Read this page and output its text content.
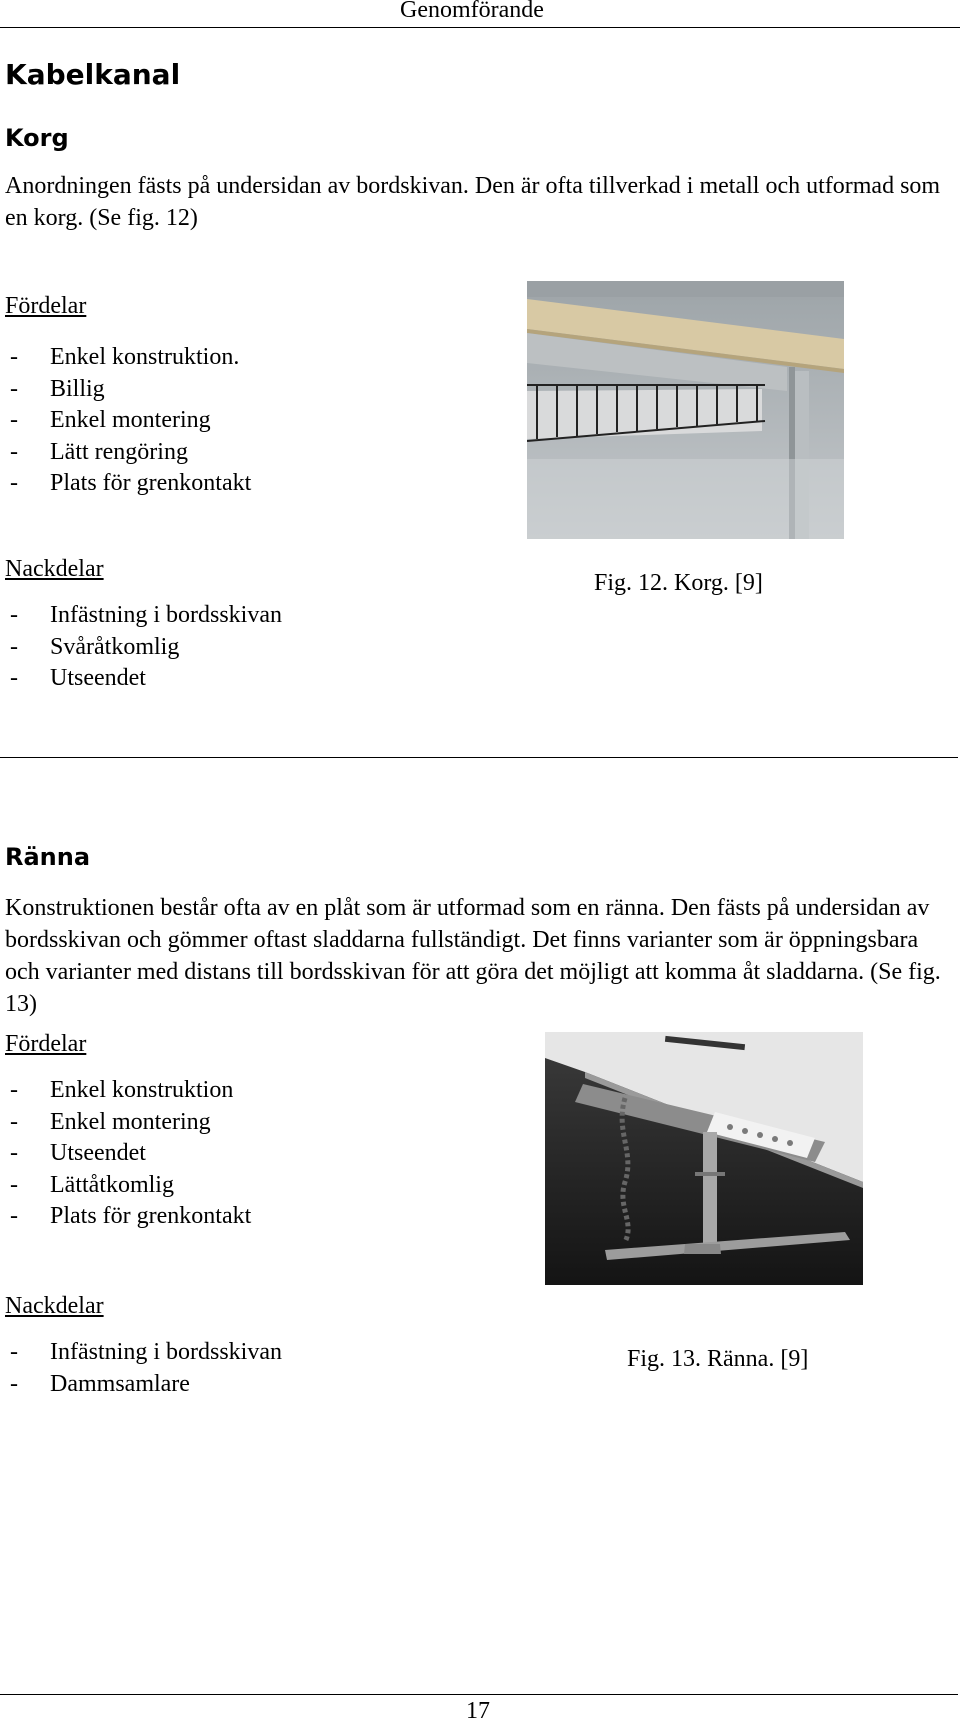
Genomförande
Kabelkanal
Korg
Anordningen fästs på undersidan av bordskivan. Den är ofta tillverkad i metall och utformad som en korg. (Se fig. 12)
Fördelar
- Enkel konstruktion.
- Billig
- Enkel montering
- Lätt rengöring
- Plats för grenkontakt
Nackdelar
- Infästning i bordsskivan
- Svåråtkomlig
- Utseendet
Fig. 12. Korg. [9]
Ränna
Konstruktionen består ofta av en plåt som är utformad som en ränna. Den fästs på undersidan av bordsskivan och gömmer oftast sladdarna fullständigt. Det finns varianter som är öppningsbara och varianter med distans till bordsskivan för att göra det möjligt att komma åt sladdarna. (Se fig. 13)
Fördelar
- Enkel konstruktion
- Enkel montering
- Utseendet
- Lättåtkomlig
- Plats för grenkontakt
Nackdelar
- Infästning i bordsskivan
- Dammsamlare
Fig. 13. Ränna. [9]
17
